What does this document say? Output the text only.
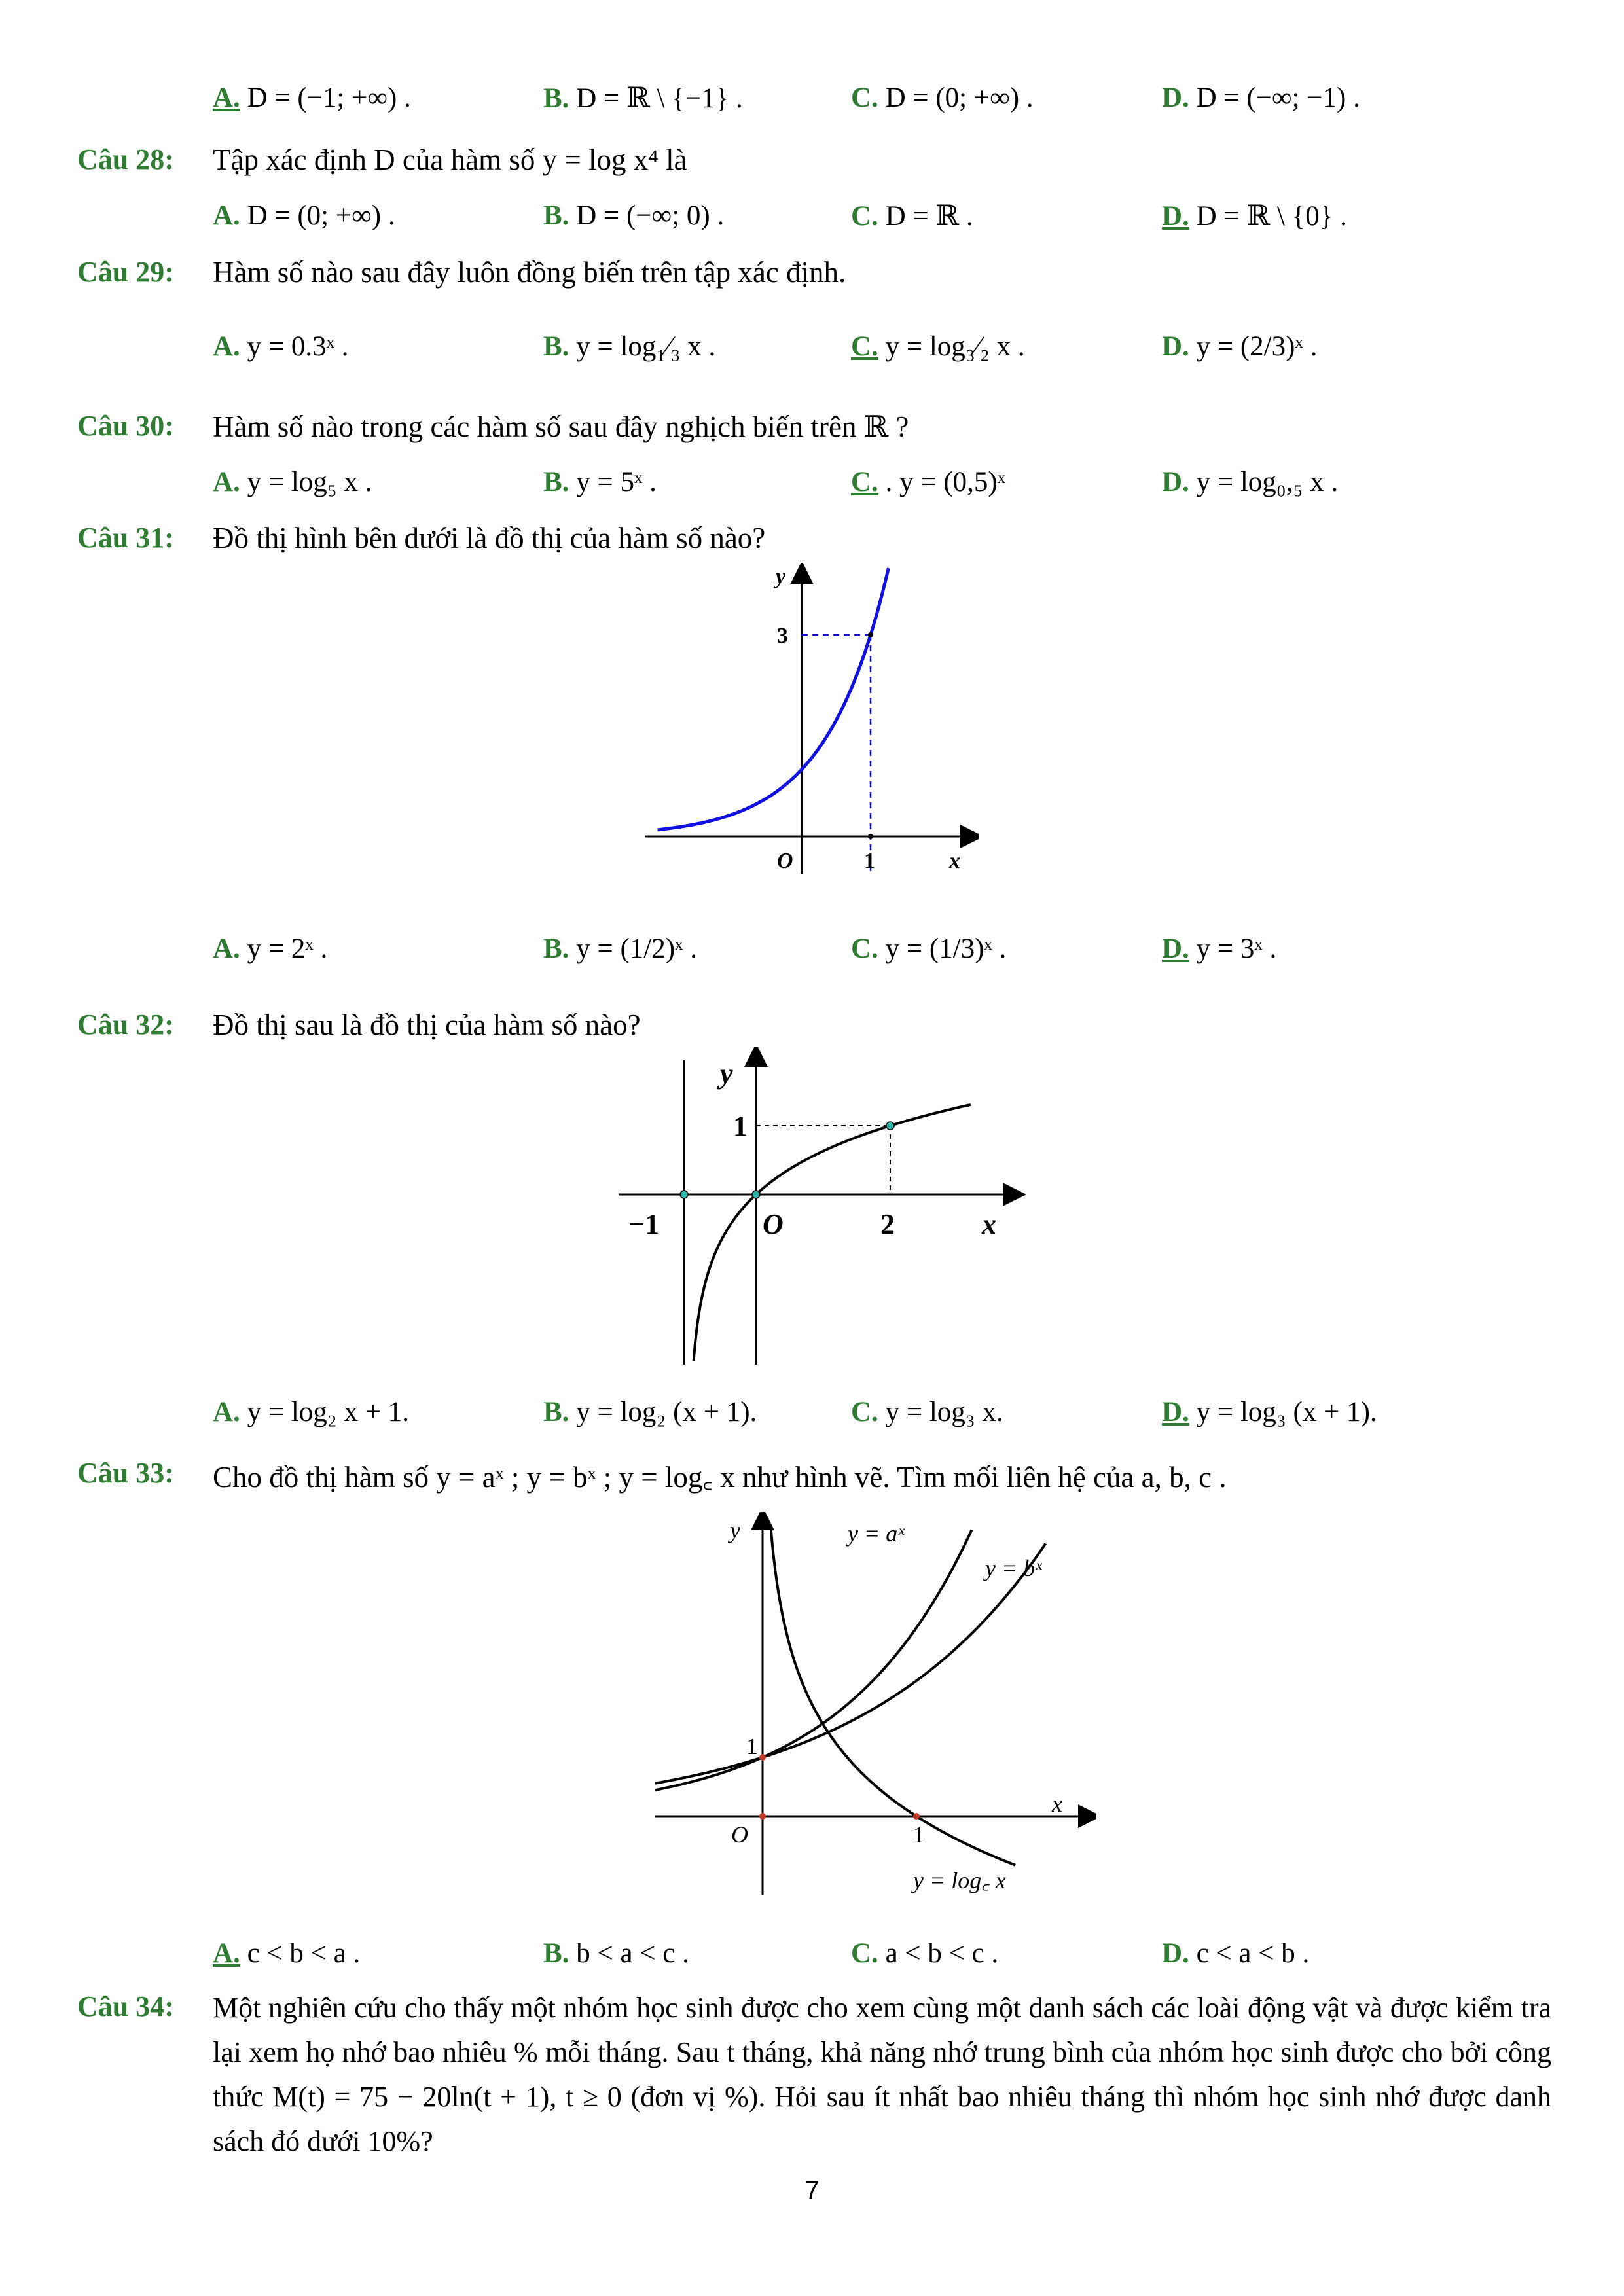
A. D = (−1; +∞) .	B. D = ℝ \ {−1} .	C. D = (0; +∞) .	D. D = (−∞; −1) .
Câu 28: Tập xác định D của hàm số y = log x⁴ là
A. D = (0; +∞) .	B. D = (−∞; 0) .	C. D = ℝ .	D. D = ℝ \ {0} .
Câu 29: Hàm số nào sau đây luôn đồng biến trên tập xác định.
A. y = 0.3ˣ .	B. y = log₁⁄₃ x .	C. y = log₃⁄₂ x .	D. y = (2/3)ˣ .
Câu 30: Hàm số nào trong các hàm số sau đây nghịch biến trên ℝ ?
A. y = log₅ x .	B. y = 5ˣ .	C. . y = (0,5)ˣ	D. y = log₀,₅ x .
Câu 31: Đồ thị hình bên dưới là đồ thị của hàm số nào?
y
x
O	1
3
A. y = 2ˣ .	B. y = (1/2)ˣ .	C. y = (1/3)ˣ .	D. y = 3ˣ .
Câu 32: Đồ thị sau là đồ thị của hàm số nào?
y
x
O
−1	2
1
A. y = log₂ x + 1.	B. y = log₂ (x + 1).	C. y = log₃ x.	D. y = log₃ (x + 1).
Câu 33: Cho đồ thị hàm số y = aˣ ; y = bˣ ; y = log꜀ x như hình vẽ. Tìm mối liên hệ của a, b, c .
y
x
O	1
1
y = aˣ
y = bˣ
y = log꜀ x
A. c < b < a .	B. b < a < c .	C. a < b < c .	D. c < a < b .
Câu 34: Một nghiên cứu cho thấy một nhóm học sinh được cho xem cùng một danh sách các loài động vật và được kiểm tra lại xem họ nhớ bao nhiêu % mỗi tháng. Sau t tháng, khả năng nhớ trung bình của nhóm học sinh được cho bởi công thức M(t) = 75 − 20ln(t + 1), t ≥ 0 (đơn vị %). Hỏi sau ít nhất bao nhiêu tháng thì nhóm học sinh nhớ được danh sách đó dưới 10%?
7
